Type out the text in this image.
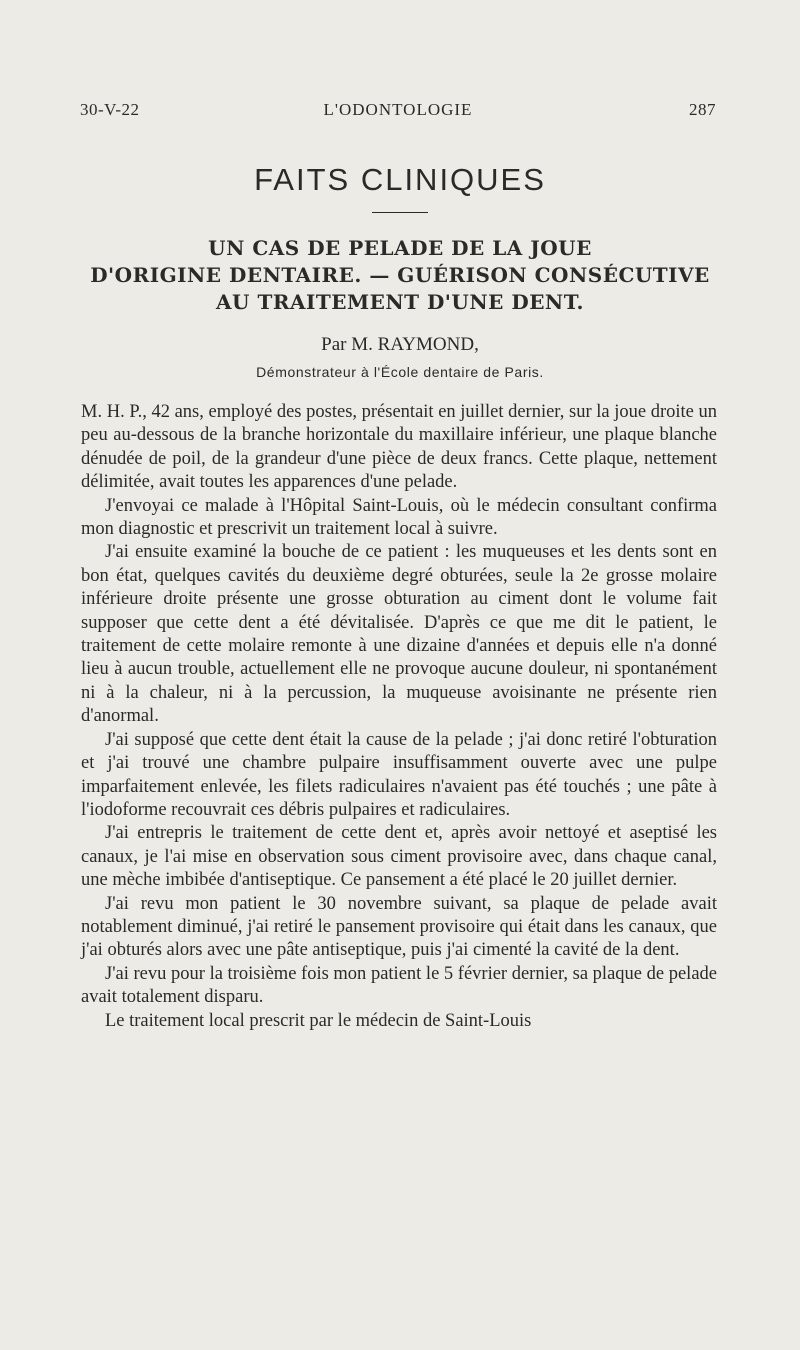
30-V-22	L'ODONTOLOGIE	287
FAITS CLINIQUES
UN CAS DE PELADE DE LA JOUE
D'ORIGINE DENTAIRE. — GUÉRISON CONSÉCUTIVE
AU TRAITEMENT D'UNE DENT.
Par M. RAYMOND,
Démonstrateur à l'École dentaire de Paris.

M. H. P., 42 ans, employé des postes, présentait en juillet dernier, sur la joue droite un peu au-dessous de la branche horizontale du maxillaire inférieur, une plaque blanche dénudée de poil, de la grandeur d'une pièce de deux francs. Cette plaque, nettement délimitée, avait toutes les apparences d'une pelade.

J'envoyai ce malade à l'Hôpital Saint-Louis, où le médecin consultant confirma mon diagnostic et prescrivit un traitement local à suivre.

J'ai ensuite examiné la bouche de ce patient : les muqueuses et les dents sont en bon état, quelques cavités du deuxième degré obturées, seule la 2e grosse molaire inférieure droite présente une grosse obturation au ciment dont le volume fait supposer que cette dent a été dévitalisée. D'après ce que me dit le patient, le traitement de cette molaire remonte à une dizaine d'années et depuis elle n'a donné lieu à aucun trouble, actuellement elle ne provoque aucune douleur, ni spontanément ni à la chaleur, ni à la percussion, la muqueuse avoisinante ne présente rien d'anormal.

J'ai supposé que cette dent était la cause de la pelade ; j'ai donc retiré l'obturation et j'ai trouvé une chambre pulpaire insuffisamment ouverte avec une pulpe imparfaitement enlevée, les filets radiculaires n'avaient pas été touchés ; une pâte à l'iodoforme recouvrait ces débris pulpaires et radiculaires.

J'ai entrepris le traitement de cette dent et, après avoir nettoyé et aseptisé les canaux, je l'ai mise en observation sous ciment provisoire avec, dans chaque canal, une mèche imbibée d'antiseptique. Ce pansement a été placé le 20 juillet dernier.

J'ai revu mon patient le 30 novembre suivant, sa plaque de pelade avait notablement diminué, j'ai retiré le pansement provisoire qui était dans les canaux, que j'ai obturés alors avec une pâte antiseptique, puis j'ai cimenté la cavité de la dent.

J'ai revu pour la troisième fois mon patient le 5 février dernier, sa plaque de pelade avait totalement disparu.

Le traitement local prescrit par le médecin de Saint-Louis
